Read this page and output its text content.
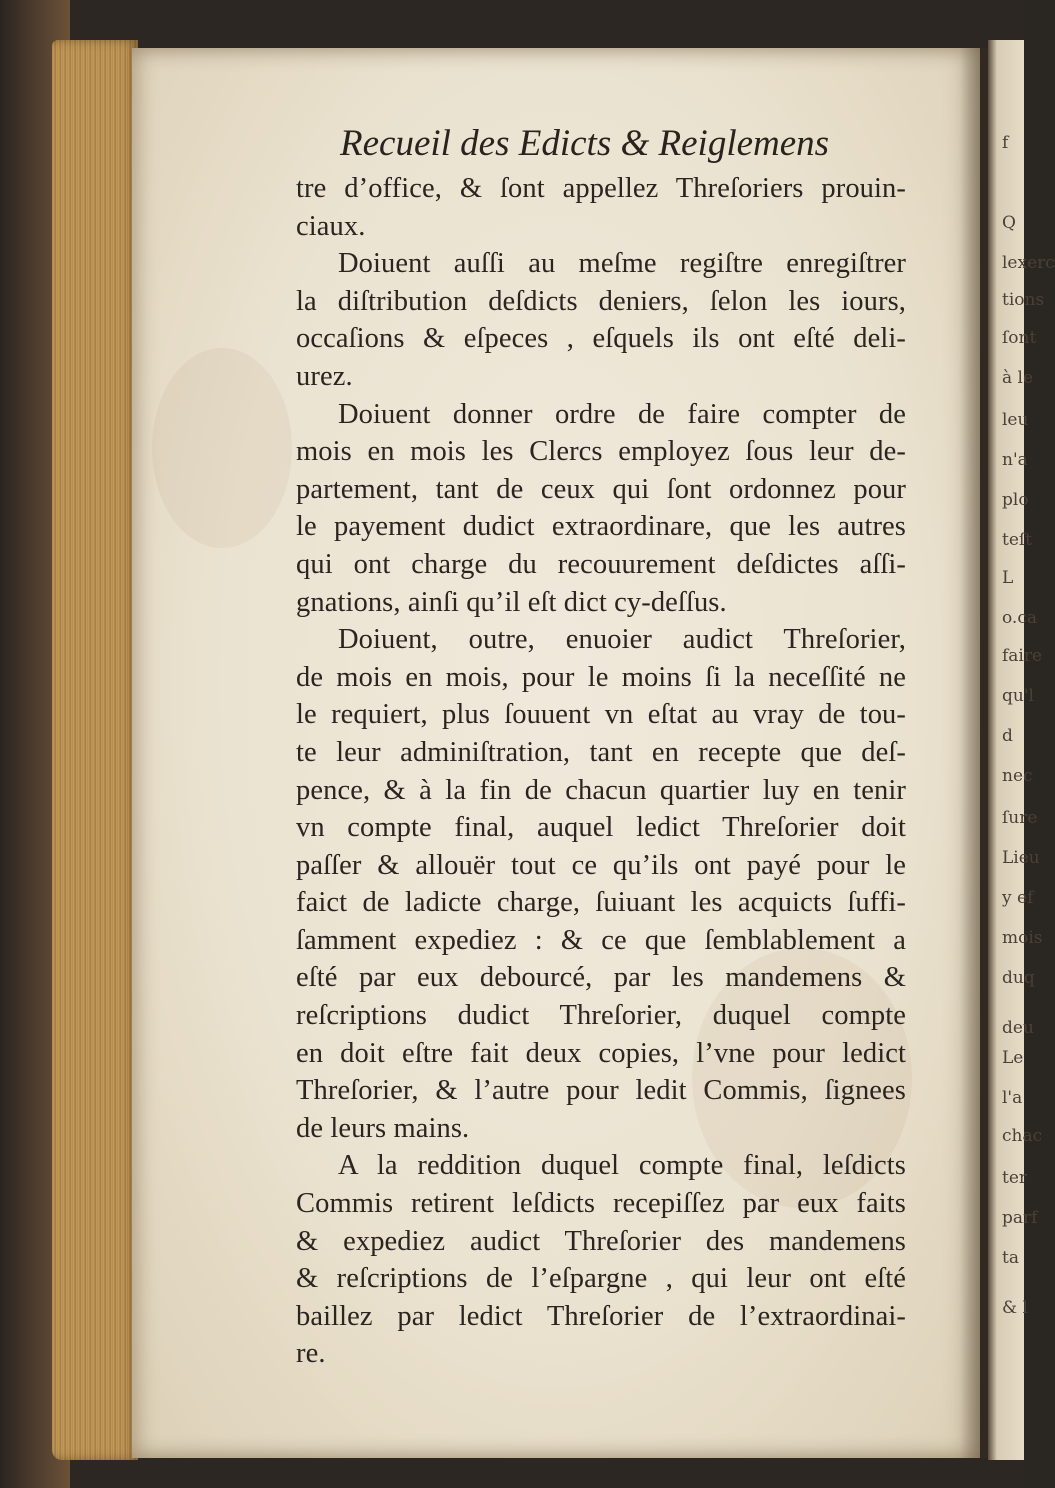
f
Q
lexerc
tions
ſont
à le
leu
n'a
plo
teſt
L
o.ca
faire
qu'l
d
nec
ſure
Lieu
y ef
mois
duq
deu
Le
l'a
chac
ter
parf
ta
& l
Recueil des Edicts & Reiglemens
tre d’office, & ſont appellez Threſoriers prouin-
ciaux.
Doiuent auſſi au meſme regiſtre enregiſtrer
la diſtribution deſdicts deniers, ſelon les iours,
occaſions & eſpeces , eſquels ils ont eſté deli-
urez.
Doiuent donner ordre de faire compter de
mois en mois les Clercs employez ſous leur de-
partement, tant de ceux qui ſont ordonnez pour
le payement dudict extraordinare, que les autres
qui ont charge du recouurement deſdictes aſſi-
gnations, ainſi qu’il eſt dict cy-deſſus.
Doiuent, outre, enuoier audict Threſorier,
de mois en mois, pour le moins ſi la neceſſité ne
le requiert, plus ſouuent vn eſtat au vray de tou-
te leur adminiſtration, tant en recepte que deſ-
pence, & à la fin de chacun quartier luy en tenir
vn compte final, auquel ledict Threſorier doit
paſſer & allouër tout ce qu’ils ont payé pour le
faict de ladicte charge, ſuiuant les acquicts ſuffi-
ſamment expediez : & ce que ſemblablement a
eſté par eux debourcé, par les mandemens &
reſcriptions dudict Threſorier, duquel compte
en doit eſtre fait deux copies, l’vne pour ledict
Threſorier, & l’autre pour ledit Commis, ſignees
de leurs mains.
A la reddition duquel compte final, leſdicts
Commis retirent leſdicts recepiſſez par eux faits
& expediez audict Threſorier des mandemens
& reſcriptions de l’eſpargne , qui leur ont eſté
baillez par ledict Threſorier de l’extraordinai-
re.
